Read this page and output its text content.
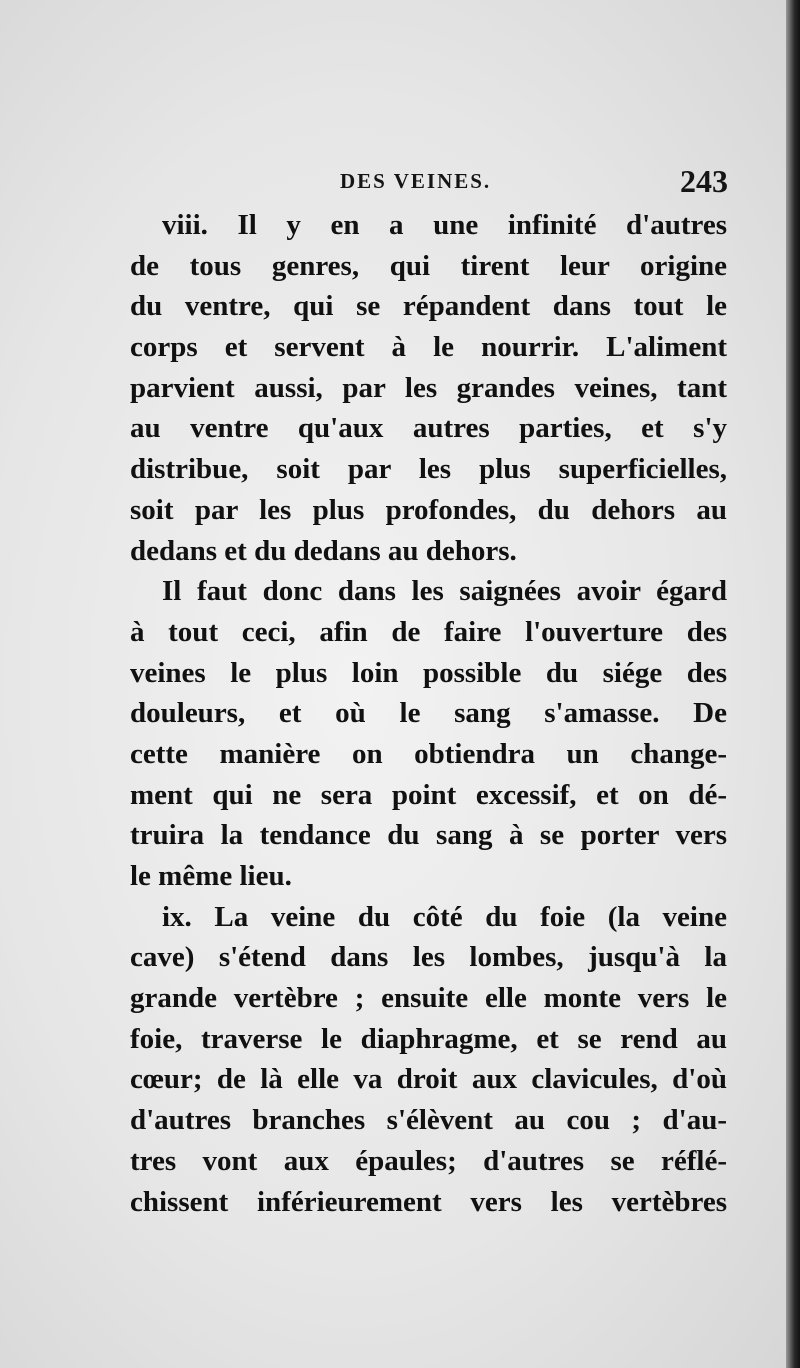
DES VEINES.	243
viii. Il y en a une infinité d'autres
de tous genres, qui tirent leur origine
du ventre, qui se répandent dans tout le
corps et servent à le nourrir. L'aliment
parvient aussi, par les grandes veines, tant
au ventre qu'aux autres parties, et s'y
distribue, soit par les plus superficielles,
soit par les plus profondes, du dehors au
dedans et du dedans au dehors.
Il faut donc dans les saignées avoir égard
à tout ceci, afin de faire l'ouverture des
veines le plus loin possible du siége des
douleurs, et où le sang s'amasse. De
cette manière on obtiendra un change-
ment qui ne sera point excessif, et on dé-
truira la tendance du sang à se porter vers
le même lieu.
ix. La veine du côté du foie (la veine
cave) s'étend dans les lombes, jusqu'à la
grande vertèbre ; ensuite elle monte vers le
foie, traverse le diaphragme, et se rend au
cœur; de là elle va droit aux clavicules, d'où
d'autres branches s'élèvent au cou ; d'au-
tres vont aux épaules; d'autres se réflé-
chissent inférieurement vers les vertèbres
